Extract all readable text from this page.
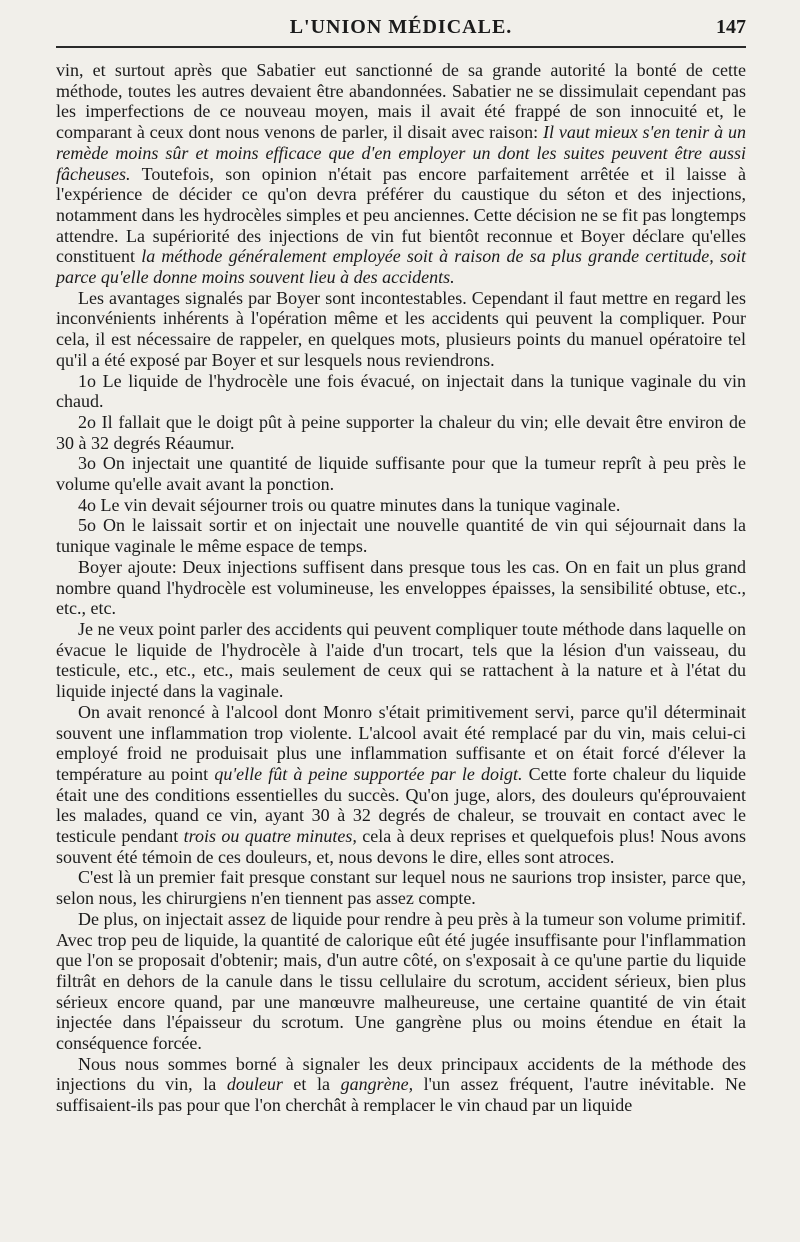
L'UNION MÉDICALE.	147

vin, et surtout après que Sabatier eut sanctionné de sa grande autorité la bonté de cette méthode, toutes les autres devaient être abandonnées. Sabatier ne se dissimulait cependant pas les imperfections de ce nouveau moyen, mais il avait été frappé de son innocuité et, le comparant à ceux dont nous venons de parler, il disait avec raison: Il vaut mieux s'en tenir à un remède moins sûr et moins efficace que d'en employer un dont les suites peuvent être aussi fâcheuses. Toutefois, son opinion n'était pas encore parfaitement arrêtée et il laisse à l'expérience de décider ce qu'on devra préférer du caustique du séton et des injections, notamment dans les hydrocèles simples et peu anciennes. Cette décision ne se fit pas longtemps attendre. La supériorité des injections de vin fut bientôt reconnue et Boyer déclare qu'elles constituent la méthode généralement employée soit à raison de sa plus grande certitude, soit parce qu'elle donne moins souvent lieu à des accidents.

Les avantages signalés par Boyer sont incontestables. Cependant il faut mettre en regard les inconvénients inhérents à l'opération même et les accidents qui peuvent la compliquer. Pour cela, il est nécessaire de rappeler, en quelques mots, plusieurs points du manuel opératoire tel qu'il a été exposé par Boyer et sur lesquels nous reviendrons.

1o Le liquide de l'hydrocèle une fois évacué, on injectait dans la tunique vaginale du vin chaud.

2o Il fallait que le doigt pût à peine supporter la chaleur du vin; elle devait être environ de 30 à 32 degrés Réaumur.

3o On injectait une quantité de liquide suffisante pour que la tumeur reprît à peu près le volume qu'elle avait avant la ponction.

4o Le vin devait séjourner trois ou quatre minutes dans la tunique vaginale.

5o On le laissait sortir et on injectait une nouvelle quantité de vin qui séjournait dans la tunique vaginale le même espace de temps.

Boyer ajoute: Deux injections suffisent dans presque tous les cas. On en fait un plus grand nombre quand l'hydrocèle est volumineuse, les enveloppes épaisses, la sensibilité obtuse, etc., etc., etc.

Je ne veux point parler des accidents qui peuvent compliquer toute méthode dans laquelle on évacue le liquide de l'hydrocèle à l'aide d'un trocart, tels que la lésion d'un vaisseau, du testicule, etc., etc., etc., mais seulement de ceux qui se rattachent à la nature et à l'état du liquide injecté dans la vaginale.

On avait renoncé à l'alcool dont Monro s'était primitivement servi, parce qu'il déterminait souvent une inflammation trop violente. L'alcool avait été remplacé par du vin, mais celui-ci employé froid ne produisait plus une inflammation suffisante et on était forcé d'élever la température au point qu'elle fût à peine supportée par le doigt. Cette forte chaleur du liquide était une des conditions essentielles du succès. Qu'on juge, alors, des douleurs qu'éprouvaient les malades, quand ce vin, ayant 30 à 32 degrés de chaleur, se trouvait en contact avec le testicule pendant trois ou quatre minutes, cela à deux reprises et quelquefois plus! Nous avons souvent été témoin de ces douleurs, et, nous devons le dire, elles sont atroces.

C'est là un premier fait presque constant sur lequel nous ne saurions trop insister, parce que, selon nous, les chirurgiens n'en tiennent pas assez compte.

De plus, on injectait assez de liquide pour rendre à peu près à la tumeur son volume primitif. Avec trop peu de liquide, la quantité de calorique eût été jugée insuffisante pour l'inflammation que l'on se proposait d'obtenir; mais, d'un autre côté, on s'exposait à ce qu'une partie du liquide filtrât en dehors de la canule dans le tissu cellulaire du scrotum, accident sérieux, bien plus sérieux encore quand, par une manœuvre malheureuse, une certaine quantité de vin était injectée dans l'épaisseur du scrotum. Une gangrène plus ou moins étendue en était la conséquence forcée.

Nous nous sommes borné à signaler les deux principaux accidents de la méthode des injections du vin, la douleur et la gangrène, l'un assez fréquent, l'autre inévitable. Ne suffisaient-ils pas pour que l'on cherchât à remplacer le vin chaud par un liquide
